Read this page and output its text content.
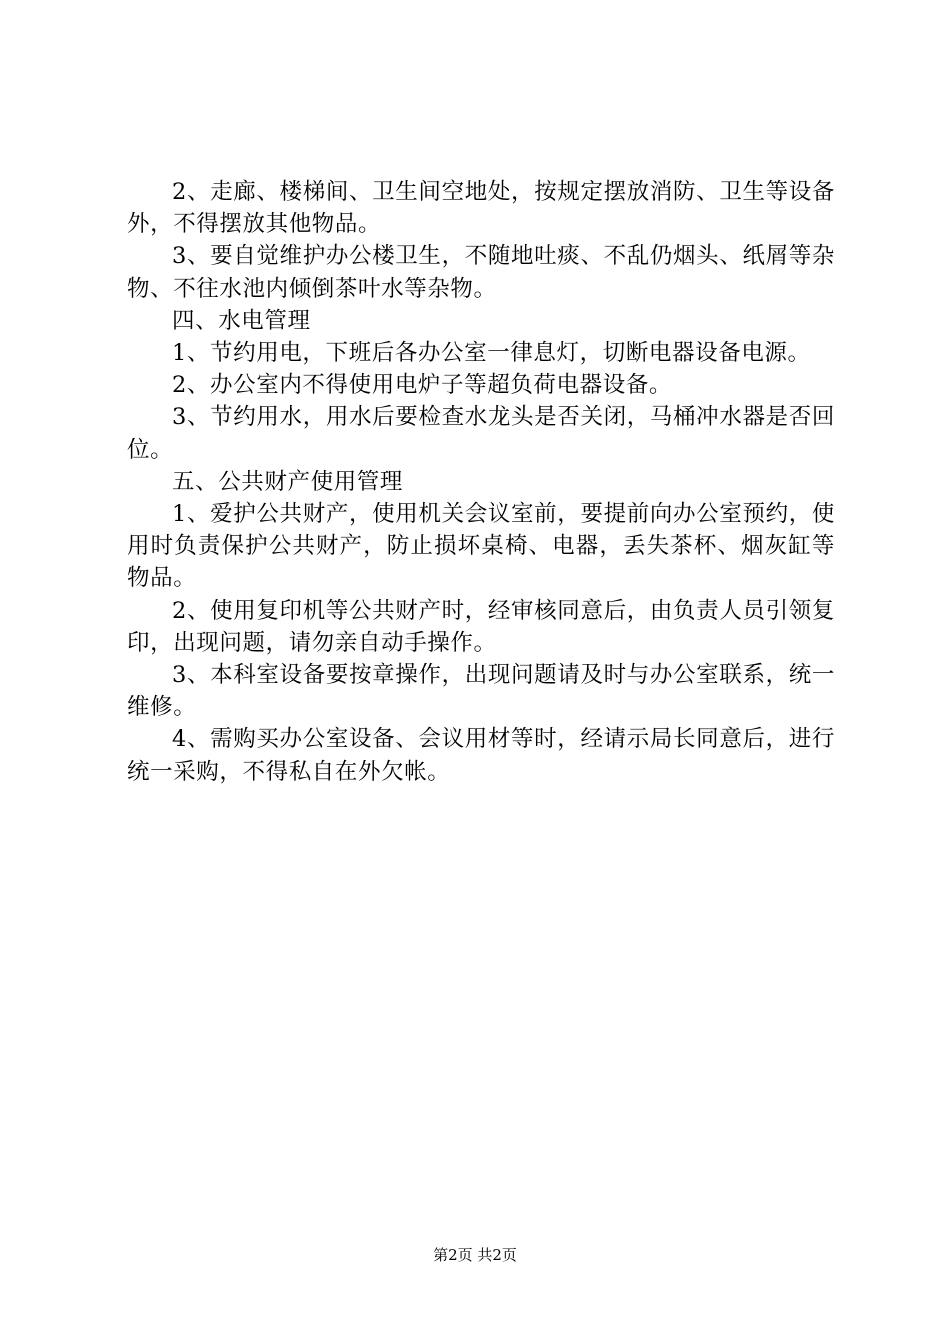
2、走廊、楼梯间、卫生间空地处，按规定摆放消防、卫生等设备外，不得摆放其他物品。

3、要自觉维护办公楼卫生，不随地吐痰、不乱仍烟头、纸屑等杂物、不往水池内倾倒茶叶水等杂物。

四、水电管理

1、节约用电，下班后各办公室一律息灯，切断电器设备电源。

2、办公室内不得使用电炉子等超负荷电器设备。

3、节约用水，用水后要检查水龙头是否关闭，马桶冲水器是否回位。

五、公共财产使用管理

1、爱护公共财产，使用机关会议室前，要提前向办公室预约，使用时负责保护公共财产，防止损坏桌椅、电器，丢失茶杯、烟灰缸等物品。

2、使用复印机等公共财产时，经审核同意后，由负责人员引领复印，出现问题，请勿亲自动手操作。

3、本科室设备要按章操作，出现问题请及时与办公室联系，统一维修。

4、需购买办公室设备、会议用材等时，经请示局长同意后，进行统一采购，不得私自在外欠帐。

第2页 共2页
